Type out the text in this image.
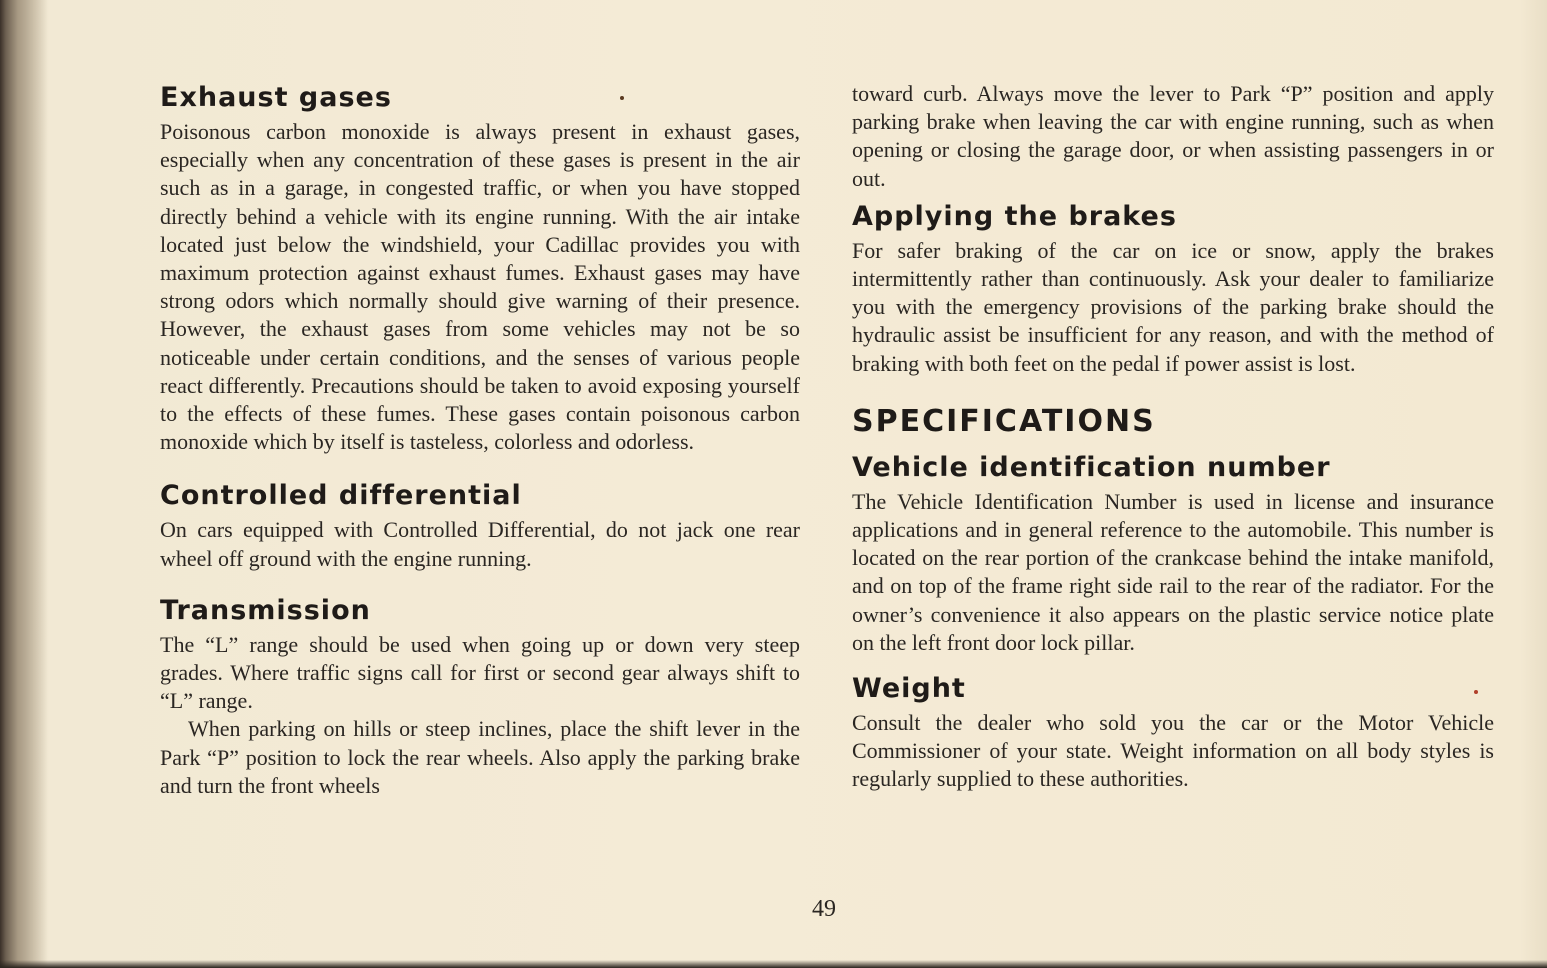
Exhaust gases

Poisonous carbon monoxide is always present in exhaust gases, especially when any concentration of these gases is present in the air such as in a garage, in congested traffic, or when you have stopped directly behind a vehicle with its engine running. With the air intake located just below the windshield, your Cadillac provides you with maximum protection against exhaust fumes. Exhaust gases may have strong odors which normally should give warning of their presence. However, the exhaust gases from some vehicles may not be so noticeable under certain conditions, and the senses of various people react differently. Precautions should be taken to avoid exposing yourself to the effects of these fumes. These gases contain poisonous carbon monoxide which by itself is tasteless, colorless and odorless.

Controlled differential

On cars equipped with Controlled Differential, do not jack one rear wheel off ground with the engine running.

Transmission

The “L” range should be used when going up or down very steep grades. Where traffic signs call for first or second gear always shift to “L” range.

When parking on hills or steep inclines, place the shift lever in the Park “P” position to lock the rear wheels. Also apply the parking brake and turn the front wheels

toward curb. Always move the lever to Park “P” position and apply parking brake when leaving the car with engine running, such as when opening or closing the garage door, or when assisting passengers in or out.

Applying the brakes

For safer braking of the car on ice or snow, apply the brakes intermittently rather than continuously. Ask your dealer to familiarize you with the emergency provisions of the parking brake should the hydraulic assist be insufficient for any reason, and with the method of braking with both feet on the pedal if power assist is lost.

SPECIFICATIONS
Vehicle identification number

The Vehicle Identification Number is used in license and insurance applications and in general reference to the automobile. This number is located on the rear portion of the crankcase behind the intake manifold, and on top of the frame right side rail to the rear of the radiator. For the owner’s convenience it also appears on the plastic service notice plate on the left front door lock pillar.

Weight

Consult the dealer who sold you the car or the Motor Vehicle Commissioner of your state. Weight information on all body styles is regularly supplied to these authorities.

49
